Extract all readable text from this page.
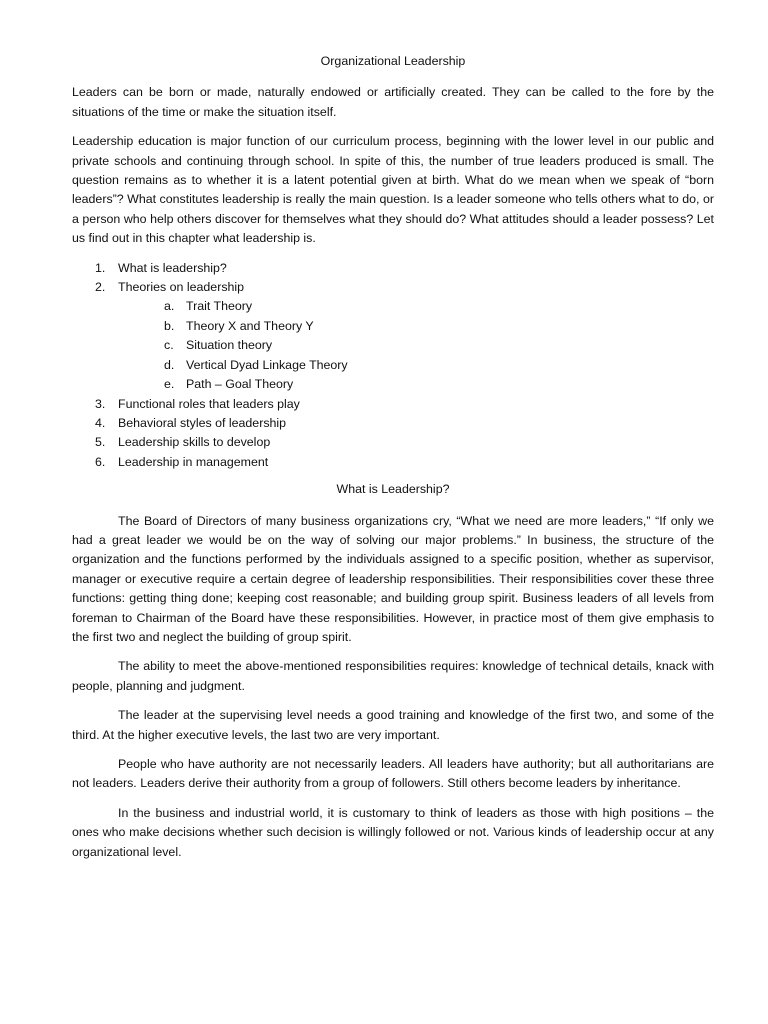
Organizational Leadership

Leaders can be born or made, naturally endowed or artificially created. They can be called to the fore by the situations of the time or make the situation itself.

Leadership education is major function of our curriculum process, beginning with the lower level in our public and private schools and continuing through school. In spite of this, the number of true leaders produced is small. The question remains as to whether it is a latent potential given at birth. What do we mean when we speak of “born leaders”? What constitutes leadership is really the main question. Is a leader someone who tells others what to do, or a person who help others discover for themselves what they should do? What attitudes should a leader possess? Let us find out in this chapter what leadership is.

1. What is leadership?
2. Theories on leadership
a. Trait Theory
b. Theory X and Theory Y
c. Situation theory
d. Vertical Dyad Linkage Theory
e. Path – Goal Theory
3. Functional roles that leaders play
4. Behavioral styles of leadership
5. Leadership skills to develop
6. Leadership in management
What is Leadership?

The Board of Directors of many business organizations cry, “What we need are more leaders,” “If only we had a great leader we would be on the way of solving our major problems.” In business, the structure of the organization and the functions performed by the individuals assigned to a specific position, whether as supervisor, manager or executive require a certain degree of leadership responsibilities. Their responsibilities cover these three functions: getting thing done; keeping cost reasonable; and building group spirit. Business leaders of all levels from foreman to Chairman of the Board have these responsibilities. However, in practice most of them give emphasis to the first two and neglect the building of group spirit.

The ability to meet the above-mentioned responsibilities requires: knowledge of technical details, knack with people, planning and judgment.

The leader at the supervising level needs a good training and knowledge of the first two, and some of the third. At the higher executive levels, the last two are very important.

People who have authority are not necessarily leaders. All leaders have authority; but all authoritarians are not leaders. Leaders derive their authority from a group of followers. Still others become leaders by inheritance.

In the business and industrial world, it is customary to think of leaders as those with high positions – the ones who make decisions whether such decision is willingly followed or not. Various kinds of leadership occur at any organizational level.
